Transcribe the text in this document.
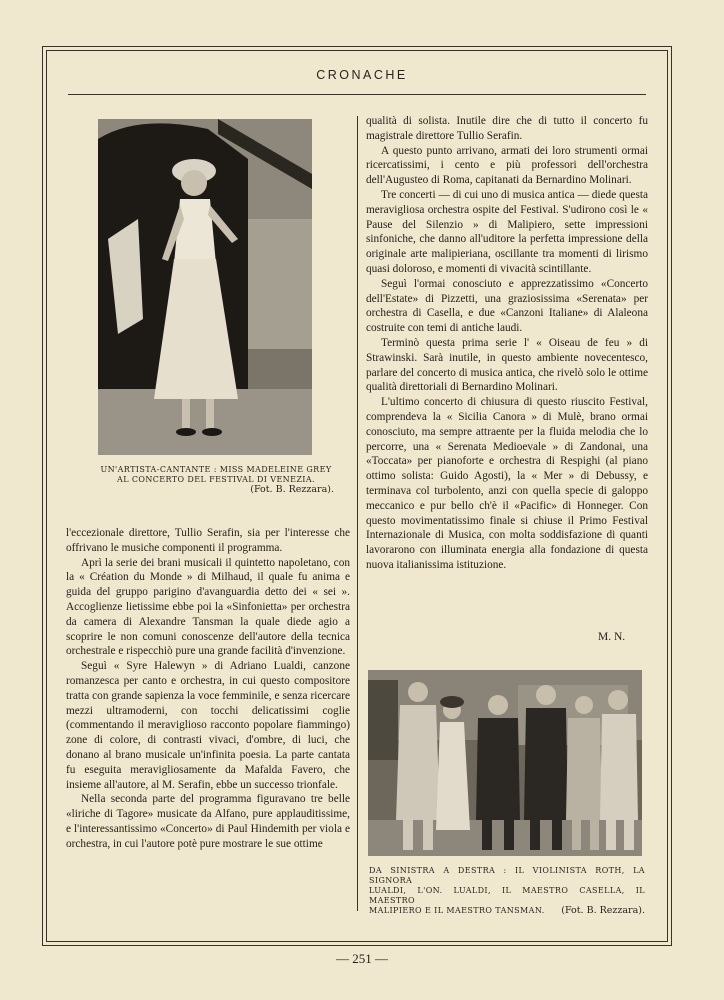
CRONACHE
UN'ARTISTA-CANTANTE : MISS MADELEINE GREY
AL CONCERTO DEL FESTIVAL DI VENEZIA.
(Fot. B. Rezzara).

l'eccezionale direttore, Tullio Serafin, sia per l'interesse che offrivano le musiche componenti il programma.

Aprì la serie dei brani musicali il quintetto napoletano, con la « Création du Monde » di Milhaud, il quale fu anima e guida del gruppo parigino d'avanguardia detto dei « sei ». Accoglienze lietissime ebbe poi la «Sinfonietta» per orchestra da camera di Alexandre Tansman la quale diede agio a scoprire le non comuni conoscenze dell'autore della tecnica orchestrale e rispecchiò pure una grande facilità d'invenzione.

Seguì « Syre Halewyn » di Adriano Lualdi, canzone romanzesca per canto e orchestra, in cui questo compositore tratta con grande sapienza la voce femminile, e senza ricercare mezzi ultramoderni, con tocchi delicatissimi coglie (commentando il meraviglioso racconto popolare fiammingo) zone di colore, di contrasti vivaci, d'ombre, di luci, che donano al brano musicale un'infinita poesia. La parte cantata fu eseguita meravigliosamente da Mafalda Favero, che insieme all'autore, al M. Serafin, ebbe un successo trionfale.

Nella seconda parte del programma figuravano tre belle «liriche di Tagore» musicate da Alfano, pure applauditissime, e l'interessantissimo «Concerto» di Paul Hindemith per viola e orchestra, in cui l'autore potè pure mostrare le sue ottime

qualità di solista. Inutile dire che di tutto il concerto fu magistrale direttore Tullio Serafin.

A questo punto arrivano, armati dei loro strumenti ormai ricercatissimi, i cento e più professori dell'orchestra dell'Augusteo di Roma, capitanati da Bernardino Molinari.

Tre concerti — di cui uno di musica antica — diede questa meravigliosa orchestra ospite del Festival. S'udirono così le « Pause del Silenzio » di Malipiero, sette impressioni sinfoniche, che danno all'uditore la perfetta impressione della originale arte malipieriana, oscillante tra momenti di lirismo quasi doloroso, e momenti di vivacità scintillante.

Seguì l'ormai conosciuto e apprezzatissimo «Concerto dell'Estate» di Pizzetti, una graziosissima «Serenata» per orchestra di Casella, e due «Canzoni Italiane» di Alaleona costruite con temi di antiche laudi.

Terminò questa prima serie l' « Oiseau de feu » di Strawinski. Sarà inutile, in questo ambiente novecentesco, parlare del concerto di musica antica, che rivelò solo le ottime qualità direttoriali di Bernardino Molinari.

L'ultimo concerto di chiusura di questo riuscito Festival, comprendeva la « Sicilia Canora » di Mulè, brano ormai conosciuto, ma sempre attraente per la fluida melodia che lo percorre, una « Serenata Medioevale » di Zandonai, una «Toccata» per pianoforte e orchestra di Respighi (al piano ottimo solista: Guido Agosti), la « Mer » di Debussy, e terminava col turbolento, anzi con quella specie di galoppo meccanico e pur bello ch'è il «Pacific» di Honneger. Con questo movimentatissimo finale si chiuse il Primo Festival Internazionale di Musica, con molta soddisfazione di quanti lavorarono con illuminata energia alla fondazione di questa nuova italianissima istituzione.

M. N.
DA SINISTRA A DESTRA : IL VIOLINISTA ROTH, LA SIGNORA
LUALDI, L'ON. LUALDI, IL MAESTRO CASELLA, IL MAESTRO
MALIPIERO E IL MAESTRO TANSMAN.	(Fot. B. Rezzara).
— 251 —
